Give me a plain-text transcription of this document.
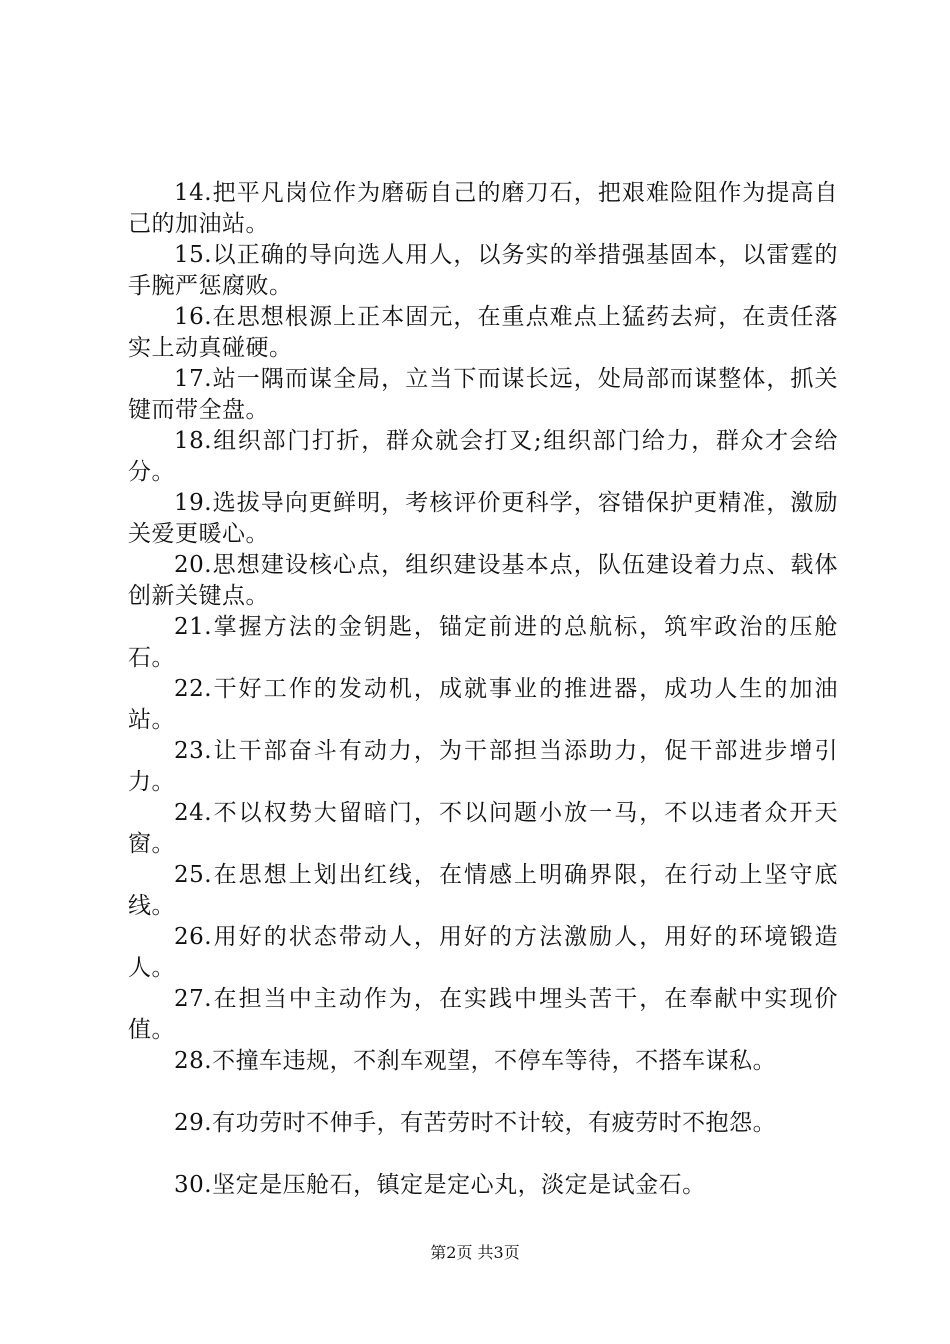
14.把平凡岗位作为磨砺自己的磨刀石，把艰难险阻作为提高自己的加油站。

15.以正确的导向选人用人，以务实的举措强基固本，以雷霆的手腕严惩腐败。

16.在思想根源上正本固元，在重点难点上猛药去疴，在责任落实上动真碰硬。

17.站一隅而谋全局，立当下而谋长远，处局部而谋整体，抓关键而带全盘。

18.组织部门打折，群众就会打叉;组织部门给力，群众才会给分。

19.选拔导向更鲜明，考核评价更科学，容错保护更精准，激励关爱更暖心。

20.思想建设核心点，组织建设基本点，队伍建设着力点、载体创新关键点。

21.掌握方法的金钥匙，锚定前进的总航标，筑牢政治的压舱石。

22.干好工作的发动机，成就事业的推进器，成功人生的加油站。

23.让干部奋斗有动力，为干部担当添助力，促干部进步增引力。

24.不以权势大留暗门，不以问题小放一马，不以违者众开天窗。

25.在思想上划出红线，在情感上明确界限，在行动上坚守底线。

26.用好的状态带动人，用好的方法激励人，用好的环境锻造人。

27.在担当中主动作为，在实践中埋头苦干，在奉献中实现价值。

28.不撞车违规，不刹车观望，不停车等待，不搭车谋私。

29.有功劳时不伸手，有苦劳时不计较，有疲劳时不抱怨。

30.坚定是压舱石，镇定是定心丸，淡定是试金石。

第2页 共3页
